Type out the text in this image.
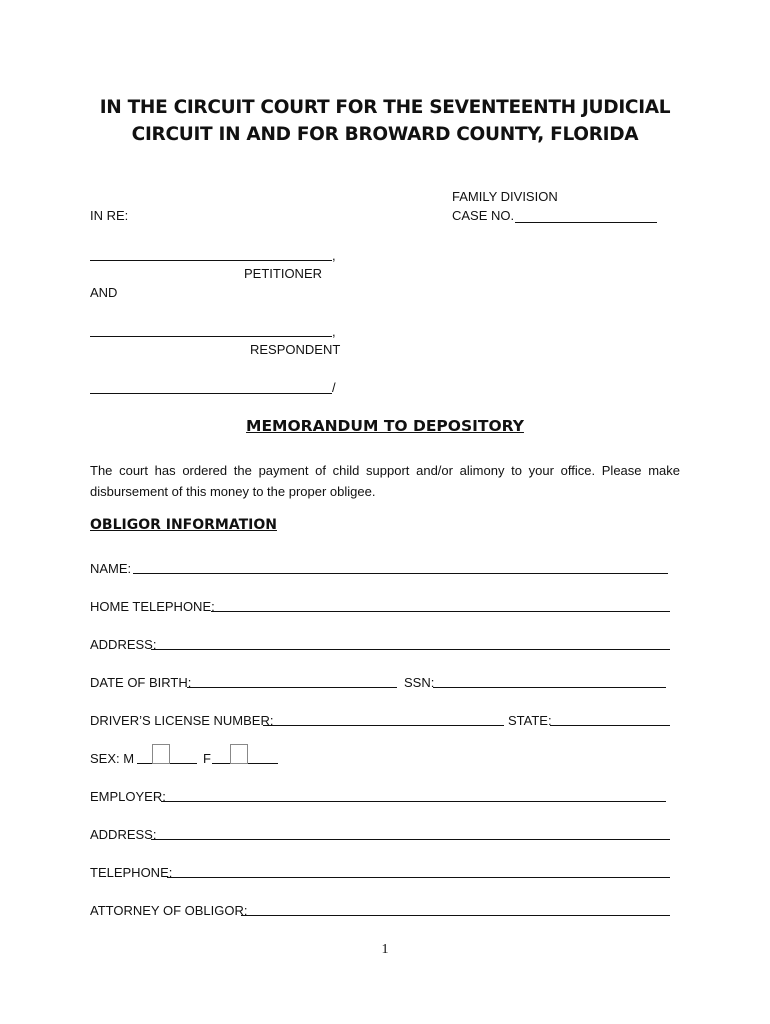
IN THE CIRCUIT COURT FOR THE SEVENTEENTH JUDICIAL
CIRCUIT IN AND FOR BROWARD COUNTY, FLORIDA
FAMILY DIVISION
CASE NO.
IN RE:
,
PETITIONER
AND
,
RESPONDENT
/
MEMORANDUM TO DEPOSITORY
The court has ordered the payment of child support and/or alimony to your office. Please make disbursement of this money to the proper obligee.
OBLIGOR INFORMATION
NAME:
HOME TELEPHONE:
ADDRESS:
DATE OF BIRTH:	SSN:
DRIVER’S LICENSE NUMBER:	STATE:
SEX: M	F
EMPLOYER:
ADDRESS:
TELEPHONE:
ATTORNEY OF OBLIGOR:
1
